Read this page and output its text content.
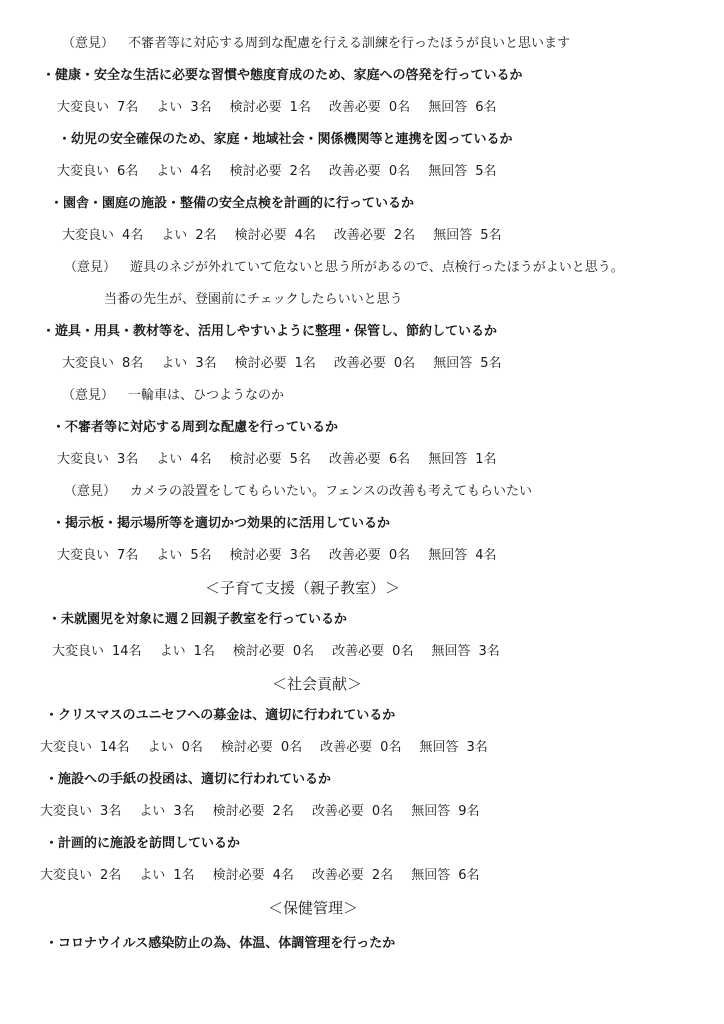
（意見） 不審者等に対応する周到な配慮を行える訓練を行ったほうが良いと思います
・健康・安全な生活に必要な習慣や態度育成のため、家庭への啓発を行っているか
大変良い 7名 よい 3名 検討必要 1名 改善必要 0名 無回答 6名
・幼児の安全確保のため、家庭・地域社会・関係機関等と連携を図っているか
大変良い 6名 よい 4名 検討必要 2名 改善必要 0名 無回答 5名
・園舎・園庭の施設・整備の安全点検を計画的に行っているか
大変良い 4名 よい 2名 検討必要 4名 改善必要 2名 無回答 5名
（意見） 遊具のネジが外れていて危ないと思う所があるので、点検行ったほうがよいと思う。
当番の先生が、登園前にチェックしたらいいと思う
・遊具・用具・教材等を、活用しやすいように整理・保管し、節約しているか
大変良い 8名 よい 3名 検討必要 1名 改善必要 0名 無回答 5名
（意見） 一輪車は、ひつようなのか
・不審者等に対応する周到な配慮を行っているか
大変良い 3名 よい 4名 検討必要 5名 改善必要 6名 無回答 1名
（意見） カメラの設置をしてもらいたい。フェンスの改善も考えてもらいたい
・掲示板・掲示場所等を適切かつ効果的に活用しているか
大変良い 7名 よい 5名 検討必要 3名 改善必要 0名 無回答 4名
＜子育て支援（親子教室）＞
・未就園児を対象に週２回親子教室を行っているか
大変良い 14名 よい 1名 検討必要 0名 改善必要 0名 無回答 3名
＜社会貢献＞
・クリスマスのユニセフへの募金は、適切に行われているか
大変良い 14名 よい 0名 検討必要 0名 改善必要 0名 無回答 3名
・施設への手紙の投函は、適切に行われているか
大変良い 3名 よい 3名 検討必要 2名 改善必要 0名 無回答 9名
・計画的に施設を訪問しているか
大変良い 2名 よい 1名 検討必要 4名 改善必要 2名 無回答 6名
＜保健管理＞
・コロナウイルス感染防止の為、体温、体調管理を行ったか
